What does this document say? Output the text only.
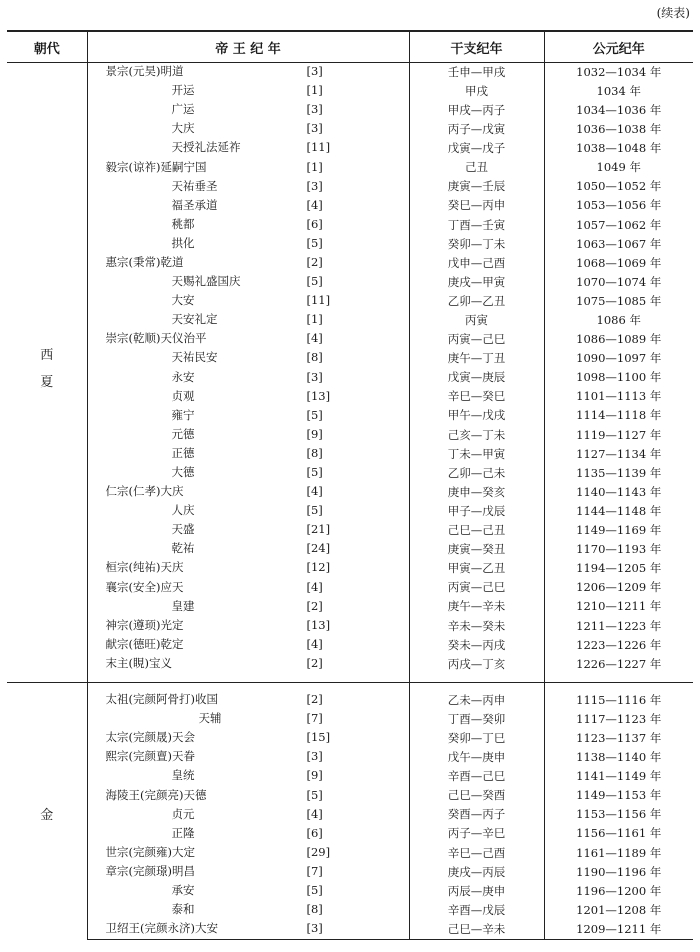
(续表)
朝代	帝 王 纪 年	干支纪年	公元纪年

西
夏	景宗(元昊)明道 [3]	壬申—甲戌	1032—1034 年

	开运 [1]	甲戌	1034 年

	广运 [3]	甲戌—丙子	1034—1036 年

	大庆 [3]	丙子—戊寅	1036—1038 年

	天授礼法延祚 [11]	戊寅—戊子	1038—1048 年

	毅宗(谅祚)延嗣宁国 [1]	己丑	1049 年

	天祐垂圣 [3]	庚寅—壬辰	1050—1052 年

	福圣承道 [4]	癸巳—丙申	1053—1056 年

	䄻都 [6]	丁酉—壬寅	1057—1062 年

	拱化 [5]	癸卯—丁未	1063—1067 年

	惠宗(秉常)乾道 [2]	戊申—己酉	1068—1069 年

	天赐礼盛国庆 [5]	庚戌—甲寅	1070—1074 年

	大安 [11]	乙卯—乙丑	1075—1085 年

	天安礼定 [1]	丙寅	1086 年

	崇宗(乾顺)天仪治平 [4]	丙寅—己巳	1086—1089 年

	天祐民安 [8]	庚午—丁丑	1090—1097 年

	永安 [3]	戊寅—庚辰	1098—1100 年

	贞观 [13]	辛巳—癸巳	1101—1113 年

	雍宁 [5]	甲午—戊戌	1114—1118 年

	元德 [9]	己亥—丁未	1119—1127 年

	正德 [8]	丁未—甲寅	1127—1134 年

	大德 [5]	乙卯—己未	1135—1139 年

	仁宗(仁孝)大庆 [4]	庚申—癸亥	1140—1143 年

	人庆 [5]	甲子—戊辰	1144—1148 年

	天盛 [21]	己巳—己丑	1149—1169 年

	乾祐 [24]	庚寅—癸丑	1170—1193 年

	桓宗(纯祐)天庆 [12]	甲寅—乙丑	1194—1205 年

	襄宗(安全)应天 [4]	丙寅—己巳	1206—1209 年

	皇建 [2]	庚午—辛未	1210—1211 年

	神宗(遵顼)光定 [13]	辛未—癸未	1211—1223 年

	献宗(德旺)乾定 [4]	癸未—丙戌	1223—1226 年

	末主(睍)宝义 [2]	丙戌—丁亥	1226—1227 年

金	太祖(完颜阿骨打)收国 [2]	乙未—丙申	1115—1116 年

	天辅 [7]	丁酉—癸卯	1117—1123 年

	太宗(完颜晟)天会 [15]	癸卯—丁巳	1123—1137 年

	熙宗(完颜亶)天眷 [3]	戊午—庚申	1138—1140 年

	皇统 [9]	辛酉—己巳	1141—1149 年

	海陵王(完颜亮)天德 [5]	己巳—癸酉	1149—1153 年

	贞元 [4]	癸酉—丙子	1153—1156 年

	正隆 [6]	丙子—辛巳	1156—1161 年

	世宗(完颜雍)大定 [29]	辛巳—己酉	1161—1189 年

	章宗(完颜璟)明昌 [7]	庚戌—丙辰	1190—1196 年

	承安 [5]	丙辰—庚申	1196—1200 年

	泰和 [8]	辛酉—戊辰	1201—1208 年

	卫绍王(完颜永济)大安 [3]	己巳—辛未	1209—1211 年
